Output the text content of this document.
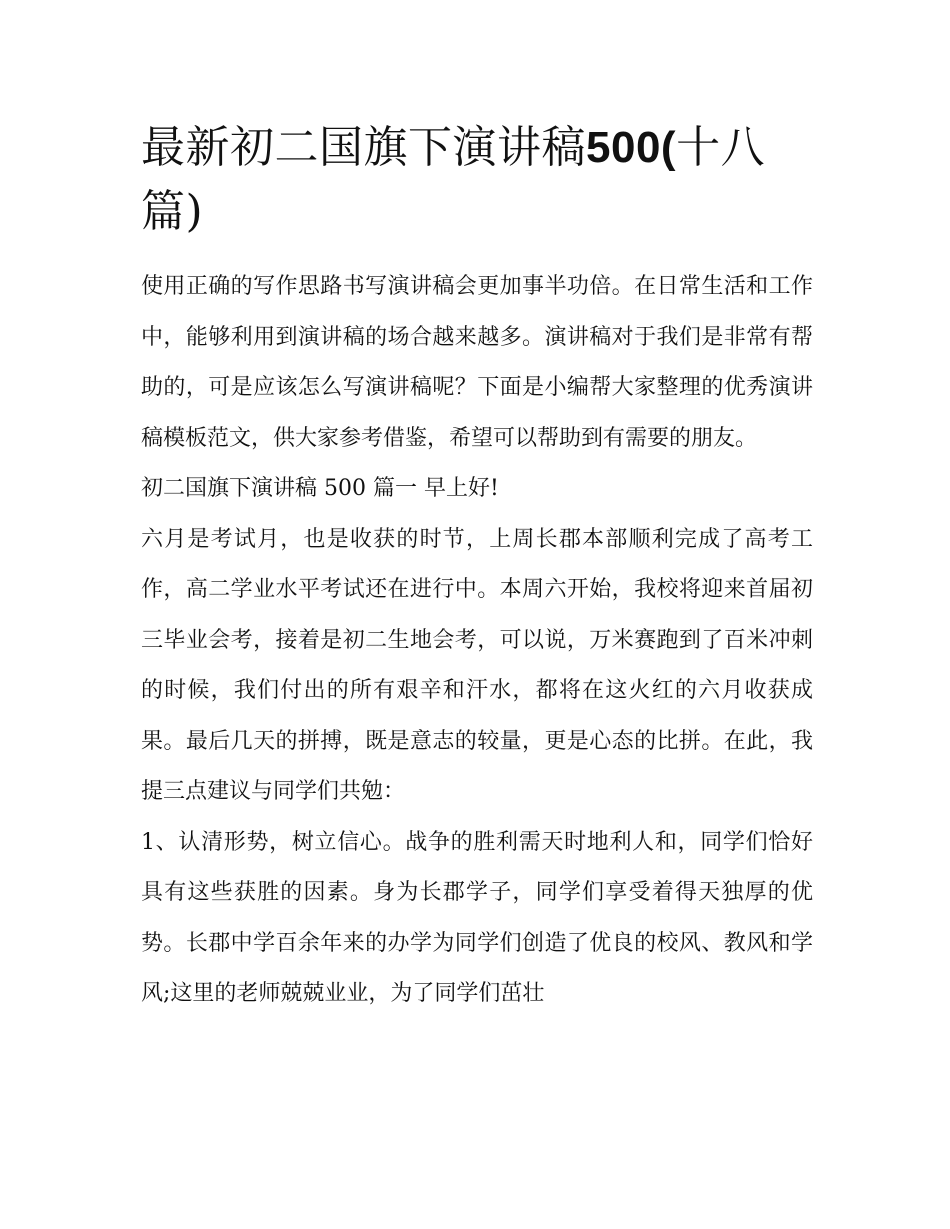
最新初二国旗下演讲稿500(十八篇)

使用正确的写作思路书写演讲稿会更加事半功倍。在日常生活和工作中，能够利用到演讲稿的场合越来越多。演讲稿对于我们是非常有帮助的，可是应该怎么写演讲稿呢？下面是小编帮大家整理的优秀演讲稿模板范文，供大家参考借鉴，希望可以帮助到有需要的朋友。

初二国旗下演讲稿 500 篇一 早上好!

六月是考试月，也是收获的时节，上周长郡本部顺利完成了高考工作，高二学业水平考试还在进行中。本周六开始，我校将迎来首届初三毕业会考，接着是初二生地会考，可以说，万米赛跑到了百米冲刺的时候，我们付出的所有艰辛和汗水，都将在这火红的六月收获成果。最后几天的拼搏，既是意志的较量，更是心态的比拼。在此，我提三点建议与同学们共勉：

1、认清形势，树立信心。战争的胜利需天时地利人和，同学们恰好具有这些获胜的因素。身为长郡学子，同学们享受着得天独厚的优势。长郡中学百余年来的办学为同学们创造了优良的校风、教风和学风;这里的老师兢兢业业，为了同学们茁壮
